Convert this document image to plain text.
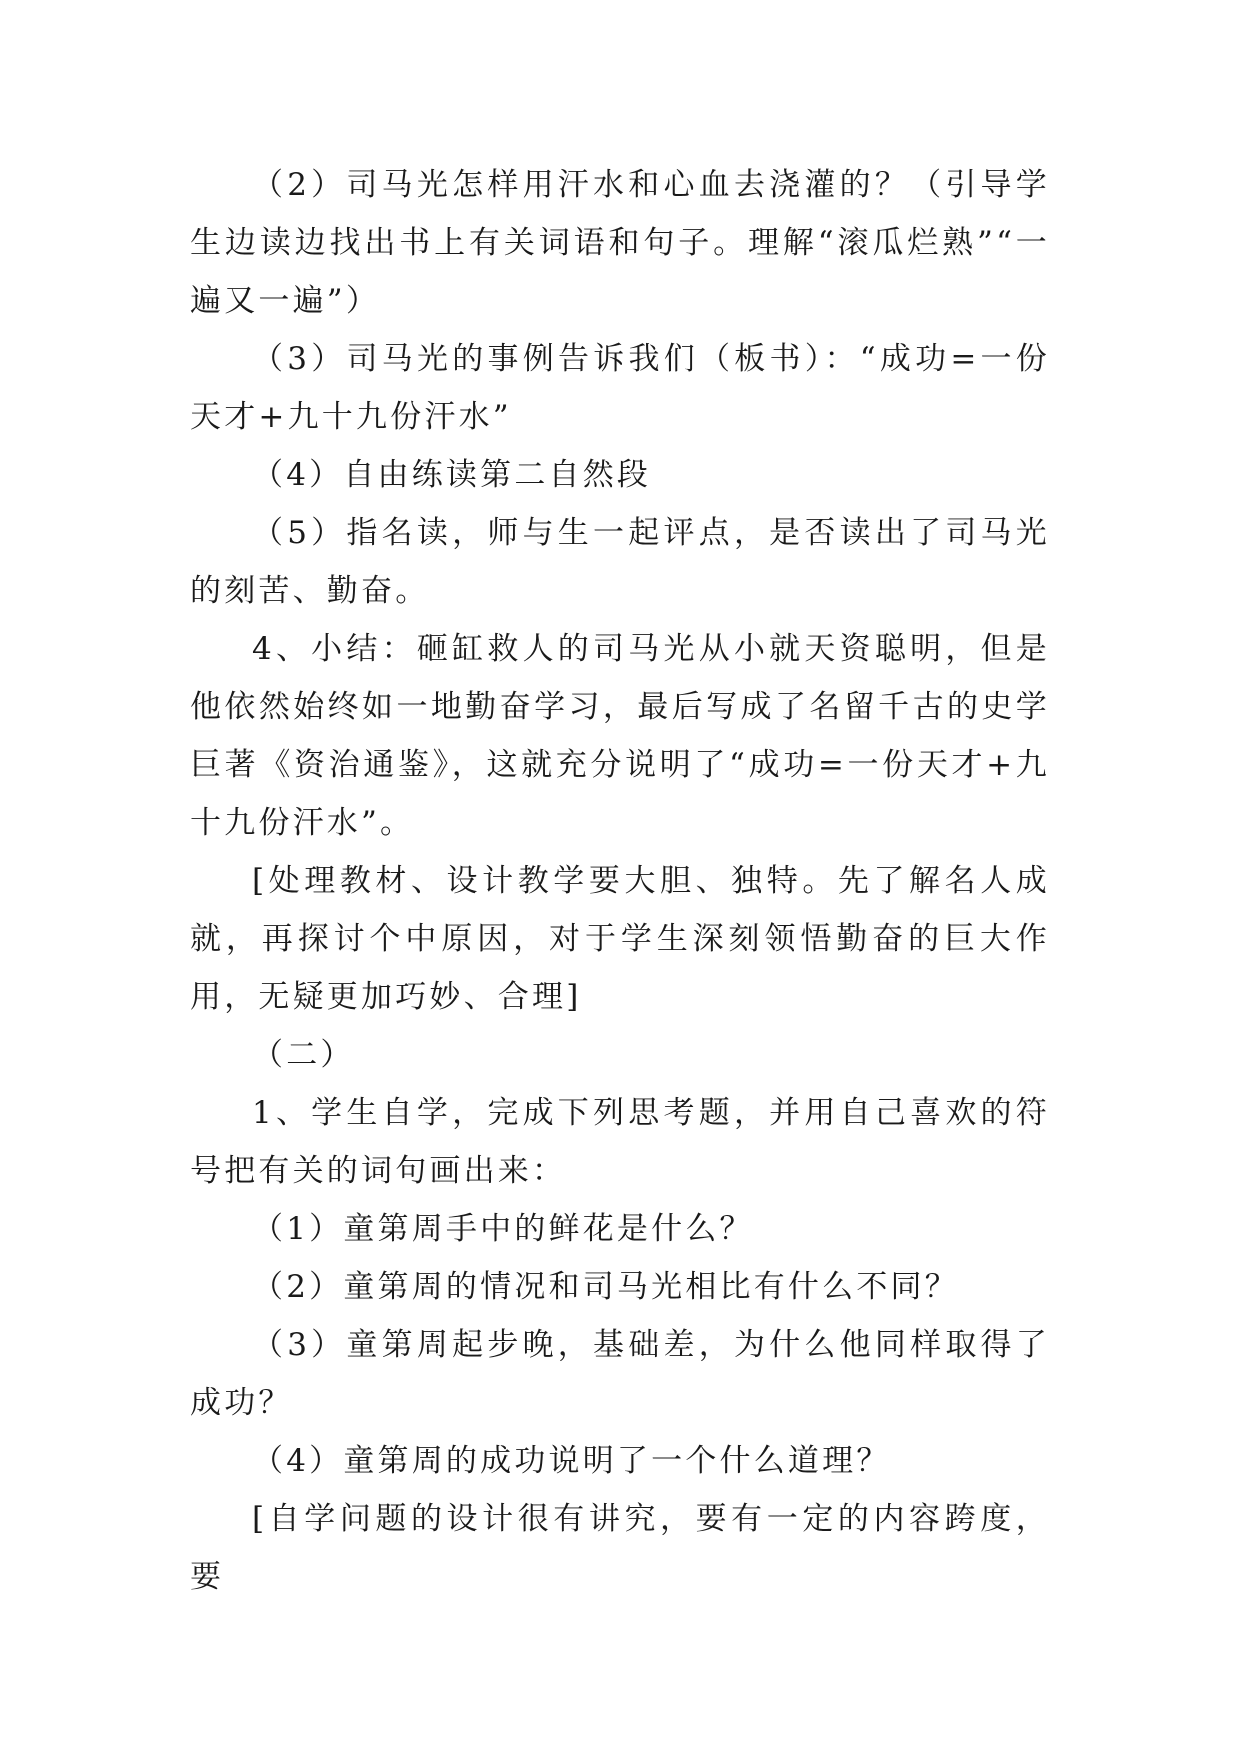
（2）司马光怎样用汗水和心血去浇灌的？（引导学生边读边找出书上有关词语和句子。理解“滚瓜烂熟”“一遍又一遍”）

（3）司马光的事例告诉我们（板书）：“成功=一份天才+九十九份汗水”

（4）自由练读第二自然段

（5）指名读，师与生一起评点，是否读出了司马光的刻苦、勤奋。

4、小结：砸缸救人的司马光从小就天资聪明，但是他依然始终如一地勤奋学习，最后写成了名留千古的史学巨著《资治通鉴》，这就充分说明了“成功=一份天才+九十九份汗水”。

[处理教材、设计教学要大胆、独特。先了解名人成就，再探讨个中原因，对于学生深刻领悟勤奋的巨大作用，无疑更加巧妙、合理]

（二）

1、学生自学，完成下列思考题，并用自己喜欢的符号把有关的词句画出来：

（1）童第周手中的鲜花是什么？

（2）童第周的情况和司马光相比有什么不同？

（3）童第周起步晚，基础差，为什么他同样取得了成功？

（4）童第周的成功说明了一个什么道理？

[自学问题的设计很有讲究，要有一定的内容跨度，要
